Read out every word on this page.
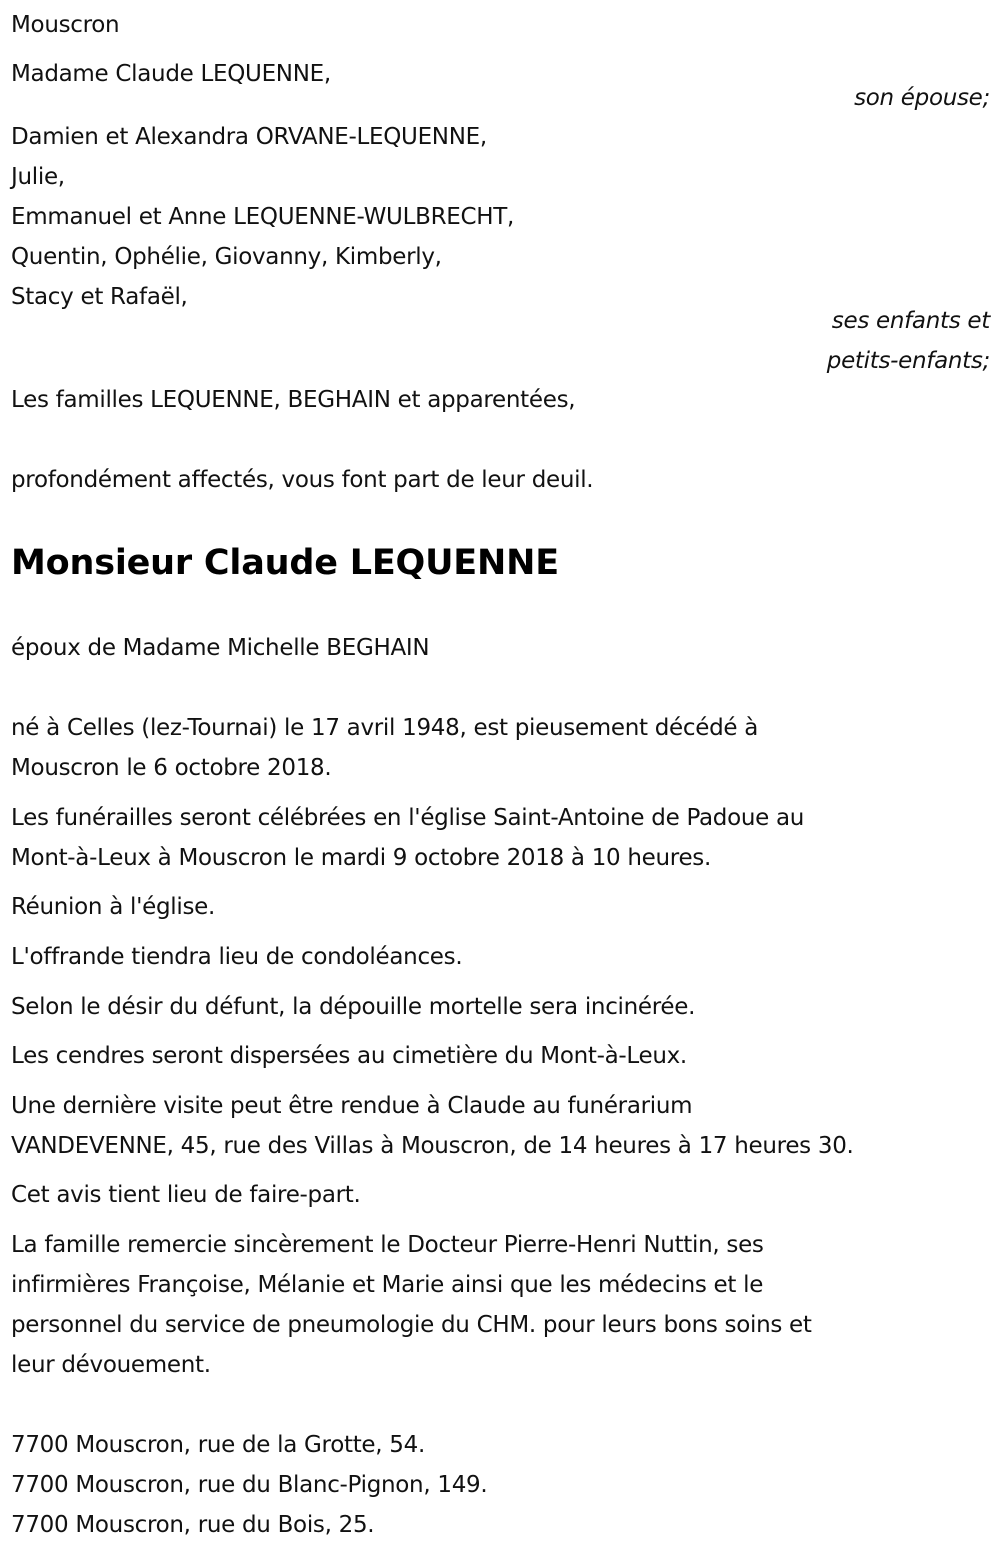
Mouscron
Madame Claude LEQUENNE,
son épouse;
Damien et Alexandra ORVANE-LEQUENNE,
Julie,
Emmanuel et Anne LEQUENNE-WULBRECHT,
Quentin, Ophélie, Giovanny, Kimberly,
Stacy et Rafaël,
ses enfants et
petits-enfants;
Les familles LEQUENNE, BEGHAIN et apparentées,
profondément affectés, vous font part de leur deuil.
Monsieur Claude LEQUENNE
époux de Madame Michelle BEGHAIN
né à Celles (lez-Tournai) le 17 avril 1948, est pieusement décédé à
Mouscron le 6 octobre 2018.
Les funérailles seront célébrées en l'église Saint-Antoine de Padoue au
Mont-à-Leux à Mouscron le mardi 9 octobre 2018 à 10 heures.
Réunion à l'église.
L'offrande tiendra lieu de condoléances.
Selon le désir du défunt, la dépouille mortelle sera incinérée.
Les cendres seront dispersées au cimetière du Mont-à-Leux.
Une dernière visite peut être rendue à Claude au funérarium
VANDEVENNE, 45, rue des Villas à Mouscron, de 14 heures à 17 heures 30.
Cet avis tient lieu de faire-part.
La famille remercie sincèrement le Docteur Pierre-Henri Nuttin, ses
infirmières Françoise, Mélanie et Marie ainsi que les médecins et le
personnel du service de pneumologie du CHM. pour leurs bons soins et
leur dévouement.
7700 Mouscron, rue de la Grotte, 54.
7700 Mouscron, rue du Blanc-Pignon, 149.
7700 Mouscron, rue du Bois, 25.
